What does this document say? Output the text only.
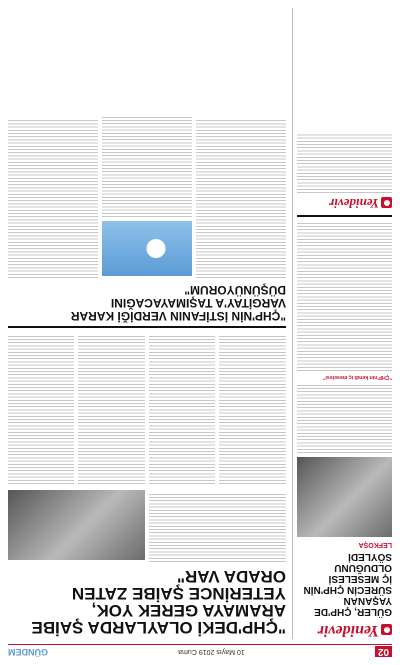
02
10 Mayıs 2019 Cuma
GÜNDEM
Yenidevir
GÜLER, ÇHP'DE YAŞANAN SÜRECİN ÇHP'NİN İÇ MESELESİ OLDUĞUNU SÖYLEDİ
LEFKOŞA
"ÇHP'nin kendi iç meselesi"
Yenidevir
"ÇHP'DEKİ OLAYLARDA ŞAİBE ARAMAYA GEREK YOK, YETERİNCE ŞAİBE ZATEN ORADA VAR"
"ÇHP'NİN İSTİFANIN VERDİĞİ KARAR VARGİTAY'A TAŞIMAYACAĞINI DÜŞÜNÜYORUM"
